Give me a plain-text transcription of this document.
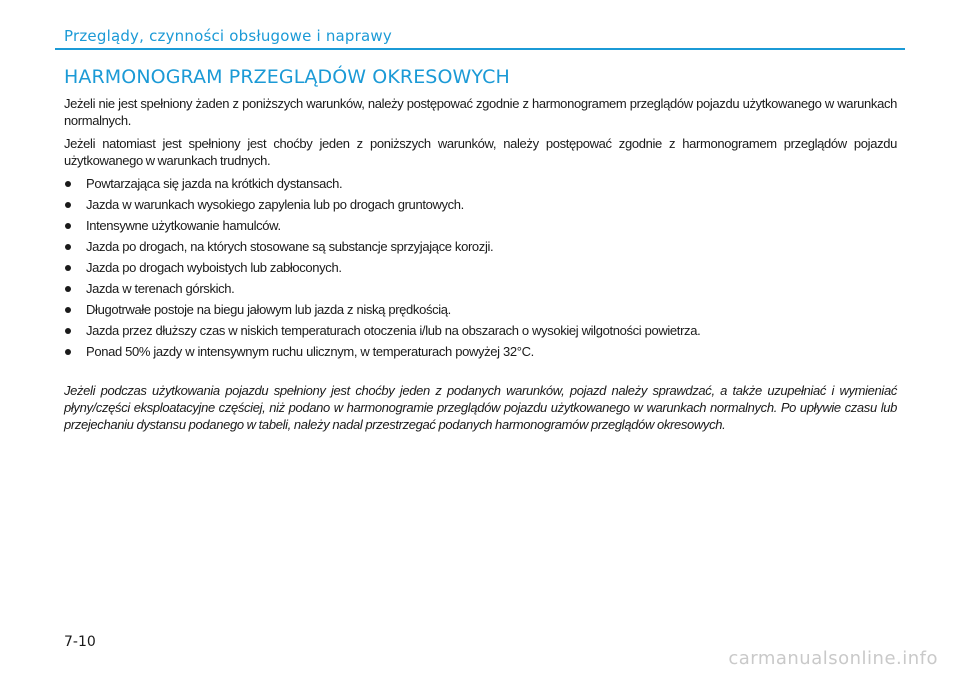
Przeglądy, czynności obsługowe i naprawy
HARMONOGRAM PRZEGLĄDÓW OKRESOWYCH

Jeżeli nie jest spełniony żaden z poniższych warunków, należy postępować zgodnie z harmonogramem przeglądów pojazdu użytkowanego w warunkach normalnych.

Jeżeli natomiast jest spełniony jest choćby jeden z poniższych warunków, należy postępować zgodnie z harmonogramem przeglądów pojazdu użytkowanego w warunkach trudnych.

Powtarzająca się jazda na krótkich dystansach.
Jazda w warunkach wysokiego zapylenia lub po drogach gruntowych.
Intensywne użytkowanie hamulców.
Jazda po drogach, na których stosowane są substancje sprzyjające korozji.
Jazda po drogach wyboistych lub zabłoconych.
Jazda w terenach górskich.
Długotrwałe postoje na biegu jałowym lub jazda z niską prędkością.
Jazda przez dłuższy czas w niskich temperaturach otoczenia i/lub na obszarach o wysokiej wilgotności powietrza.
Ponad 50% jazdy w intensywnym ruchu ulicznym, w temperaturach powyżej 32°C.

Jeżeli podczas użytkowania pojazdu spełniony jest choćby jeden z podanych warunków, pojazd należy sprawdzać, a także uzupełniać i wymieniać płyny/części eksploatacyjne częściej, niż podano w harmonogramie przeglądów pojazdu użytkowanego w warunkach normalnych. Po upływie czasu lub przejechaniu dystansu podanego w tabeli, należy nadal przestrzegać podanych harmonogramów przeglądów okresowych.

7-10
carmanualsonline.info
